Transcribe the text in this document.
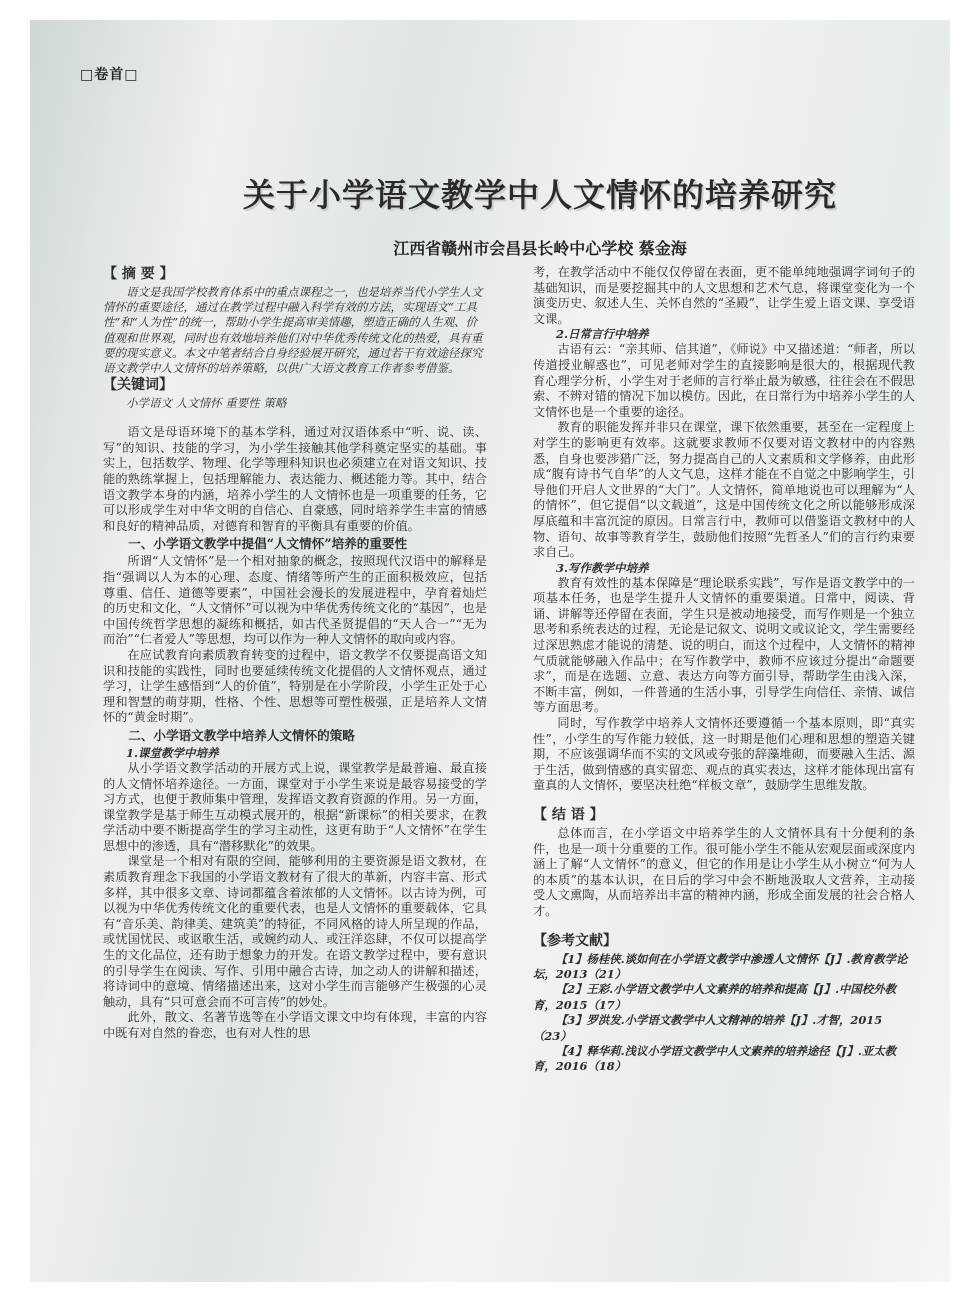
□卷首□
关于小学语文教学中人文情怀的培养研究
江西省赣州市会昌县长岭中心学校 蔡金海
【 摘 要 】

语文是我国学校教育体系中的重点课程之一，也是培养当代小学生人文情怀的重要途径，通过在教学过程中融入科学有效的方法，实现语文“工具性”和“人为性”的统一，帮助小学生提高审美情趣，塑造正确的人生观、价值观和世界观，同时也有效地培养他们对中华优秀传统文化的热爱，具有重要的现实意义。本文中笔者结合自身经验展开研究，通过若干有效途径探究语文教学中人文情怀的培养策略，以供广大语文教育工作者参考借鉴。

【关键词】

小学语文 人文情怀 重要性 策略

语文是母语环境下的基本学科，通过对汉语体系中“听、说、读、写”的知识、技能的学习，为小学生接触其他学科奠定坚实的基础。事实上，包括数学、物理、化学等理科知识也必须建立在对语文知识、技能的熟练掌握上，包括理解能力、表达能力、概述能力等。其中，结合语文教学本身的内涵，培养小学生的人文情怀也是一项重要的任务，它可以形成学生对中华文明的自信心、自豪感，同时培养学生丰富的情感和良好的精神品质，对德育和智育的平衡具有重要的价值。

一、小学语文教学中提倡“人文情怀”培养的重要性

所谓“人文情怀”是一个相对抽象的概念，按照现代汉语中的解释是指“强调以人为本的心理、态度、情绪等所产生的正面积极效应，包括尊重、信任、道德等要素”，中国社会漫长的发展进程中，孕育着灿烂的历史和文化，“人文情怀”可以视为中华优秀传统文化的“基因”，也是中国传统哲学思想的凝练和概括，如古代圣贤提倡的“天人合一”“无为而治”“仁者爱人”等思想，均可以作为一种人文情怀的取向或内容。

在应试教育向素质教育转变的过程中，语文教学不仅要提高语文知识和技能的实践性，同时也要延续传统文化提倡的人文情怀观点，通过学习，让学生感悟到“人的价值”，特别是在小学阶段，小学生正处于心理和智慧的萌芽期，性格、个性、思想等可塑性极强，正是培养人文情怀的“黄金时期”。

二、小学语文教学中培养人文情怀的策略

1.课堂教学中培养

从小学语文教学活动的开展方式上说，课堂教学是最普遍、最直接的人文情怀培养途径。一方面，课堂对于小学生来说是最容易接受的学习方式，也便于教师集中管理，发挥语文教育资源的作用。另一方面，课堂教学是基于师生互动模式展开的，根据“新课标”的相关要求，在教学活动中要不断提高学生的学习主动性，这更有助于“人文情怀”在学生思想中的渗透，具有“潜移默化”的效果。

课堂是一个相对有限的空间，能够利用的主要资源是语文教材，在素质教育理念下我国的小学语文教材有了很大的革新，内容丰富、形式多样，其中很多文章、诗词都蕴含着浓郁的人文情怀。以古诗为例，可以视为中华优秀传统文化的重要代表，也是人文情怀的重要载体，它具有“音乐美、韵律美、建筑美”的特征，不同风格的诗人所呈现的作品，或忧国忧民、或讴歌生活，或婉约动人、或汪洋恣肆，不仅可以提高学生的文化品位，还有助于想象力的开发。在语文教学过程中，要有意识的引导学生在阅读、写作、引用中融合古诗，加之动人的讲解和描述，将诗词中的意境、情绪描述出来，这对小学生而言能够产生极强的心灵触动，具有“只可意会而不可言传”的妙处。

此外，散文、名著节选等在小学语文课文中均有体现，丰富的内容中既有对自然的眷恋，也有对人性的思

考，在教学活动中不能仅仅停留在表面，更不能单纯地强调字词句子的基础知识，而是要挖掘其中的人文思想和艺术气息，将课堂变化为一个演变历史、叙述人生、关怀自然的“圣殿”，让学生爱上语文课、享受语文课。

2.日常言行中培养

古语有云：“亲其师、信其道”，《师说》中又描述道：“师者，所以传道授业解惑也”，可见老师对学生的直接影响是很大的，根据现代教育心理学分析，小学生对于老师的言行举止最为敏感，往往会在不假思索、不辨对错的情况下加以模仿。因此，在日常行为中培养小学生的人文情怀也是一个重要的途径。

教育的职能发挥并非只在课堂，课下依然重要，甚至在一定程度上对学生的影响更有效率。这就要求教师不仅要对语文教材中的内容熟悉，自身也要涉猎广泛，努力提高自己的人文素质和文学修养，由此形成“腹有诗书气自华”的人文气息，这样才能在不自觉之中影响学生，引导他们开启人文世界的“大门”。人文情怀，简单地说也可以理解为“人的情怀”，但它提倡“以文载道”，这是中国传统文化之所以能够形成深厚底蕴和丰富沉淀的原因。日常言行中，教师可以借鉴语文教材中的人物、语句、故事等教育学生，鼓励他们按照“先哲圣人”们的言行约束要求自己。

3.写作教学中培养

教育有效性的基本保障是“理论联系实践”，写作是语文教学中的一项基本任务，也是学生提升人文情怀的重要渠道。日常中，阅读、背诵、讲解等还停留在表面，学生只是被动地接受，而写作则是一个独立思考和系统表达的过程，无论是记叙文、说明文或议论文，学生需要经过深思熟虑才能说的清楚、说的明白，而这个过程中，人文情怀的精神气质就能够融入作品中；在写作教学中，教师不应该过分提出“命题要求”，而是在选题、立意、表达方向等方面引导，帮助学生由浅入深，不断丰富，例如，一件普通的生活小事，引导学生向信任、亲情、诚信等方面思考。

同时，写作教学中培养人文情怀还要遵循一个基本原则，即“真实性”，小学生的写作能力较低，这一时期是他们心理和思想的塑造关键期，不应该强调华而不实的文风或夸张的辞藻堆砌，而要融入生活、源于生活，做到情感的真实留恋、观点的真实表达，这样才能体现出富有童真的人文情怀，要坚决杜绝“样板文章”，鼓励学生思维发散。

【 结 语 】

总体而言，在小学语文中培养学生的人文情怀具有十分便利的条件，也是一项十分重要的工作。很可能小学生不能从宏观层面或深度内涵上了解“人文情怀”的意义，但它的作用是让小学生从小树立“何为人的本质”的基本认识，在日后的学习中会不断地汲取人文营养，主动接受人文熏陶，从而培养出丰富的精神内涵，形成全面发展的社会合格人才。

【参考文献】

【1】杨桂侠.谈如何在小学语文教学中渗透人文情怀【J】.教育教学论坛，2013（21）

【2】王彩.小学语文教学中人文素养的培养和提高【J】.中国校外教育，2015（17）

【3】罗洪发.小学语文教学中人文精神的培养【J】.才智，2015（23）

【4】释华莉.浅议小学语文教学中人文素养的培养途径【J】.亚太教育，2016（18）
